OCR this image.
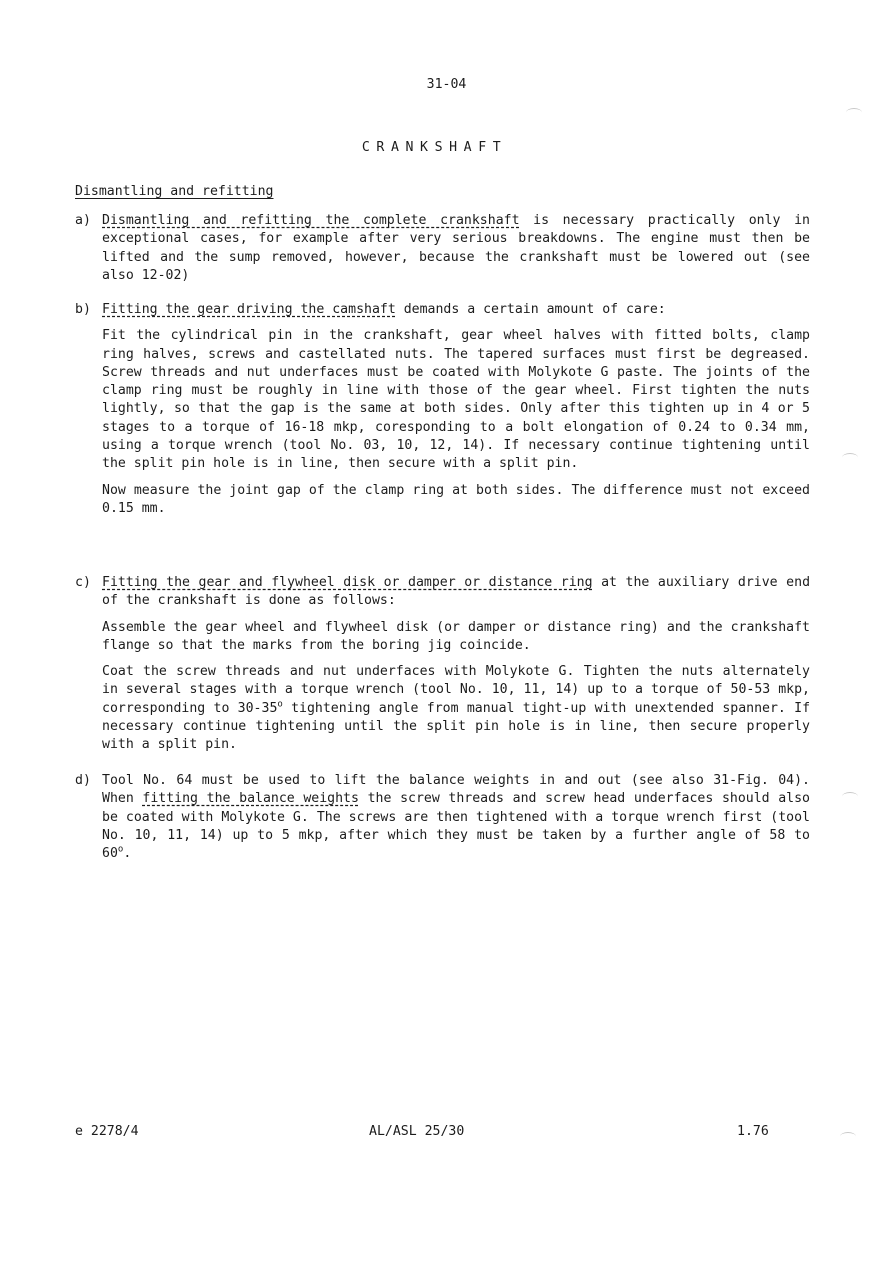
31-04
CRANKSHAFT
Dismantling and refitting
a) Dismantling and refitting the complete crankshaft is necessary practically only in exceptional cases, for example after very serious breakdowns. The engine must then be lifted and the sump removed, however, because the crankshaft must be lowered out (see also 12-02)

b) Fitting the gear driving the camshaft demands a certain amount of care:

Fit the cylindrical pin in the crankshaft, gear wheel halves with fitted bolts, clamp ring halves, screws and castellated nuts. The tapered surfaces must first be degreased. Screw threads and nut underfaces must be coated with Molykote G paste. The joints of the clamp ring must be roughly in line with those of the gear wheel. First tighten the nuts lightly, so that the gap is the same at both sides. Only after this tighten up in 4 or 5 stages to a torque of 16-18 mkp, coresponding to a bolt elongation of 0.24 to 0.34 mm, using a torque wrench (tool No. 03, 10, 12, 14). If necessary continue tightening until the split pin hole is in line, then secure with a split pin.

Now measure the joint gap of the clamp ring at both sides. The difference must not exceed 0.15 mm.

c) Fitting the gear and flywheel disk or damper or distance ring at the auxiliary drive end of the crankshaft is done as follows:

Assemble the gear wheel and flywheel disk (or damper or distance ring) and the crankshaft flange so that the marks from the boring jig coincide.

Coat the screw threads and nut underfaces with Molykote G. Tighten the nuts alternately in several stages with a torque wrench (tool No. 10, 11, 14) up to a torque of 50-53 mkp, corresponding to 30-35$^o$ tightening angle from manual tight-up with unextended spanner. If necessary continue tightening until the split pin hole is in line, then secure properly with a split pin.

d) Tool No. 64 must be used to lift the balance weights in and out (see also 31-Fig. 04). When fitting the balance weights the screw threads and screw head underfaces should also be coated with Molykote G. The screws are then tightened with a torque wrench first (tool No. 10, 11, 14) up to 5 mkp, after which they must be taken by a further angle of 58 to 60$^o$.

e 2278/4	AL/ASL 25/30	1.76
